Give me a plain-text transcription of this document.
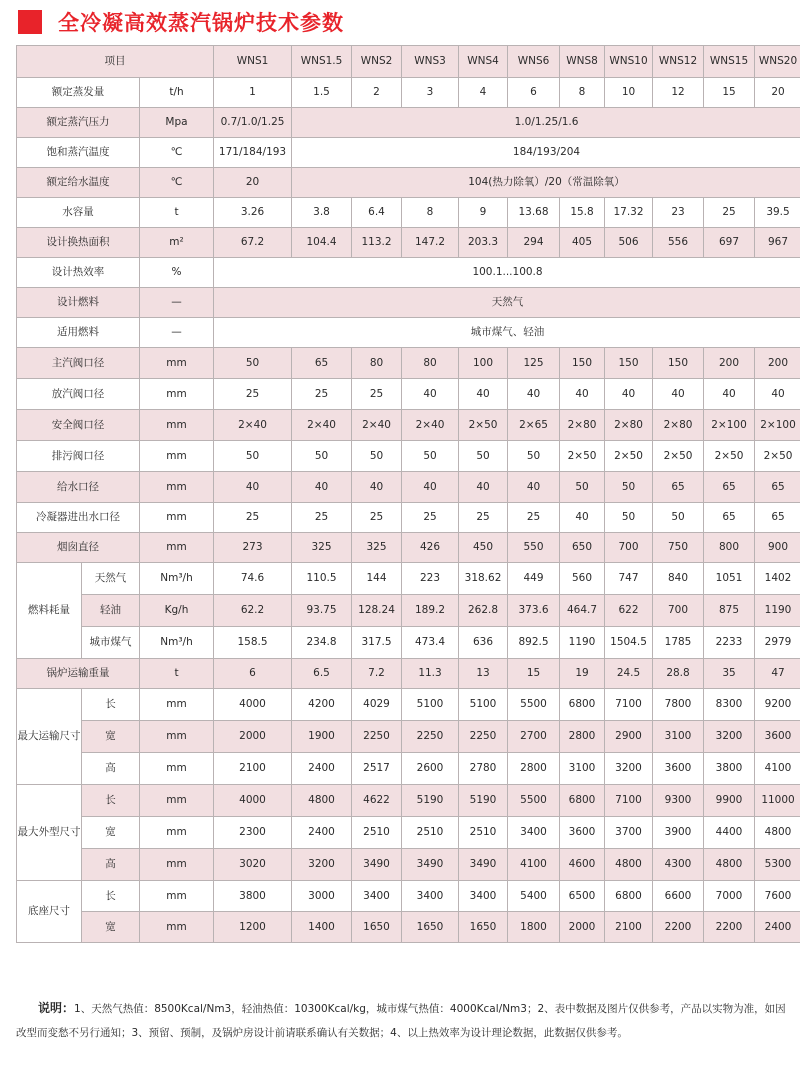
全冷凝高效蒸汽锅炉技术参数
项目			WNS1	WNS1.5	WNS2	WNS3	WNS4	WNS6	WNS8	WNS10	WNS12	WNS15	WNS20
额定蒸发量		t/h	1	1.5	2	3	4	6	8	10	12	15	20
额定蒸汽压力		Mpa	0.7/1.0/1.25	1.0/1.25/1.6									
饱和蒸汽温度		℃	171/184/193	184/193/204									
额定给水温度		℃	20	104(热力除氧）/20（常温除氧）									
水容量		t	3.26	3.8	6.4	8	9	13.68	15.8	17.32	23	25	39.5
设计换热面积		m²	67.2	104.4	113.2	147.2	203.3	294	405	506	556	697	967
设计热效率		%	100.1...100.8										
设计燃料		—	天然气										
适用燃料		—	城市煤气、轻油										
主汽阀口径		mm	50	65	80	80	100	125	150	150	150	200	200
放汽阀口径		mm	25	25	25	40	40	40	40	40	40	40	40
安全阀口径		mm	2×40	2×40	2×40	2×40	2×50	2×65	2×80	2×80	2×80	2×100	2×100
排污阀口径		mm	50	50	50	50	50	50	2×50	2×50	2×50	2×50	2×50
给水口径		mm	40	40	40	40	40	40	50	50	65	65	65
冷凝器进出水口径		mm	25	25	25	25	25	25	40	50	50	65	65
烟囱直径		mm	273	325	325	426	450	550	650	700	750	800	900
燃料耗量	天然气	Nm³/h	74.6	110.5	144	223	318.62	449	560	747	840	1051	1402
	轻油	Kg/h	62.2	93.75	128.24	189.2	262.8	373.6	464.7	622	700	875	1190
	城市煤气	Nm³/h	158.5	234.8	317.5	473.4	636	892.5	1190	1504.5	1785	2233	2979
锅炉运输重量		t	6	6.5	7.2	11.3	13	15	19	24.5	28.8	35	47
最大运输尺寸	长	mm	4000	4200	4029	5100	5100	5500	6800	7100	7800	8300	9200
	宽	mm	2000	1900	2250	2250	2250	2700	2800	2900	3100	3200	3600
	高	mm	2100	2400	2517	2600	2780	2800	3100	3200	3600	3800	4100
最大外型尺寸	长	mm	4000	4800	4622	5190	5190	5500	6800	7100	9300	9900	11000
	宽	mm	2300	2400	2510	2510	2510	3400	3600	3700	3900	4400	4800
	高	mm	3020	3200	3490	3490	3490	4100	4600	4800	4300	4800	5300
底座尺寸	长	mm	3800	3000	3400	3400	3400	5400	6500	6800	6600	7000	7600
	宽	mm	1200	1400	1650	1650	1650	1800	2000	2100	2200	2200	2400
说明：1、天然气热值：8500Kcal/Nm3，轻油热值：10300Kcal/kg，城市煤气热值：4000Kcal/Nm3；2、表中数据及图片仅供参考，产品以实物为准，如因改型而变愁不另行通知；3、预留、预制，及锅炉房设计前请联系确认有关数据；4、以上热效率为设计理论数据，此数据仅供参考。
